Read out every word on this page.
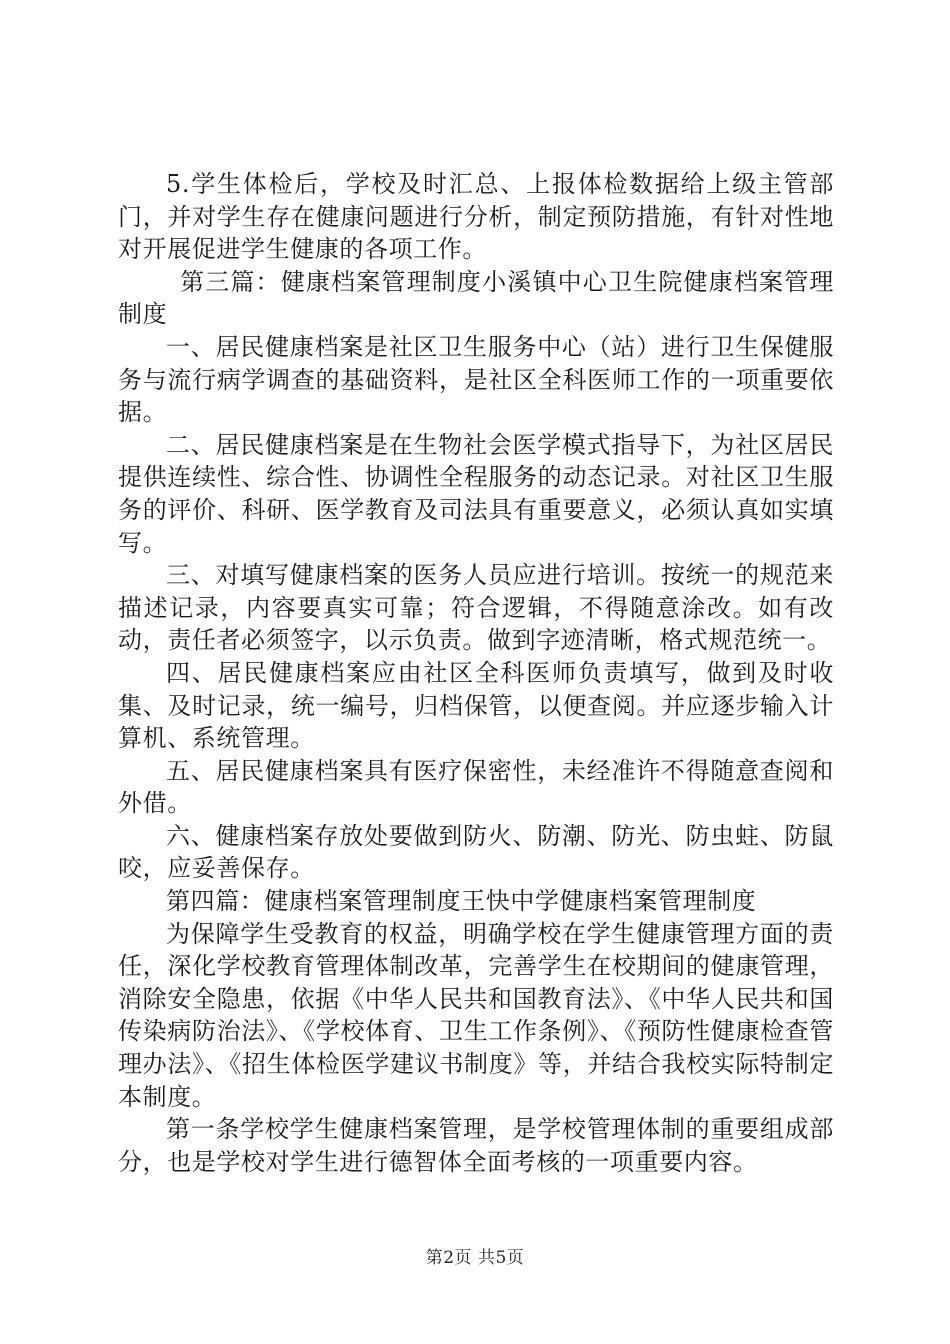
5.学生体检后，学校及时汇总、上报体检数据给上级主管部门，并对学生存在健康问题进行分析，制定预防措施，有针对性地对开展促进学生健康的各项工作。

第三篇：健康档案管理制度小溪镇中心卫生院健康档案管理制度

一、居民健康档案是社区卫生服务中心（站）进行卫生保健服务与流行病学调查的基础资料，是社区全科医师工作的一项重要依据。

二、居民健康档案是在生物社会医学模式指导下，为社区居民提供连续性、综合性、协调性全程服务的动态记录。对社区卫生服务的评价、科研、医学教育及司法具有重要意义，必须认真如实填写。

三、对填写健康档案的医务人员应进行培训。按统一的规范来描述记录，内容要真实可靠；符合逻辑，不得随意涂改。如有改动，责任者必须签字，以示负责。做到字迹清晰，格式规范统一。

四、居民健康档案应由社区全科医师负责填写，做到及时收集、及时记录，统一编号，归档保管，以便查阅。并应逐步输入计算机、系统管理。

五、居民健康档案具有医疗保密性，未经准许不得随意查阅和外借。

六、健康档案存放处要做到防火、防潮、防光、防虫蛀、防鼠咬，应妥善保存。

第四篇：健康档案管理制度王快中学健康档案管理制度

为保障学生受教育的权益，明确学校在学生健康管理方面的责任，深化学校教育管理体制改革，完善学生在校期间的健康管理，消除安全隐患，依据《中华人民共和国教育法》、《中华人民共和国传染病防治法》、《学校体育、卫生工作条例》、《预防性健康检查管理办法》、《招生体检医学建议书制度》等，并结合我校实际特制定本制度。

第一条学校学生健康档案管理，是学校管理体制的重要组成部分，也是学校对学生进行德智体全面考核的一项重要内容。

第2页 共5页
